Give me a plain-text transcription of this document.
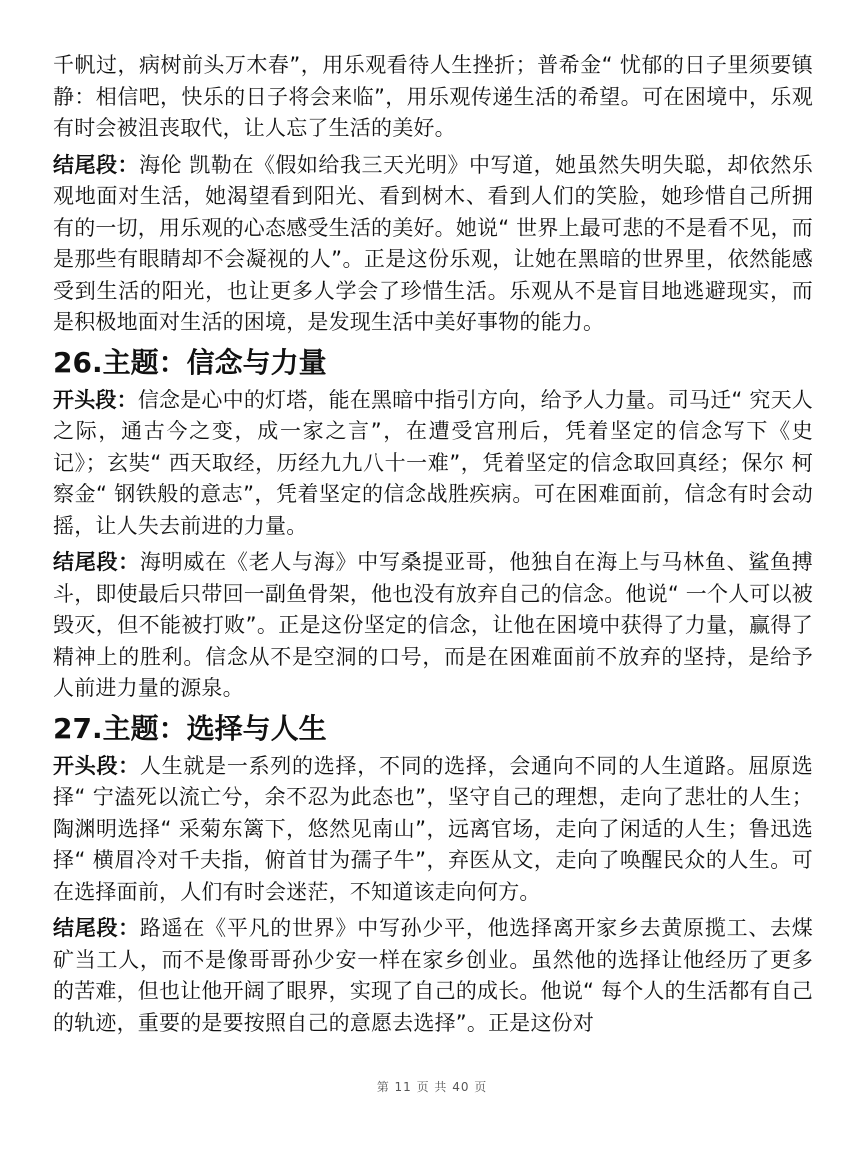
千帆过，病树前头万木春”，用乐观看待人生挫折；普希金“ 忧郁的日子里须要镇静：相信吧，快乐的日子将会来临”，用乐观传递生活的希望。可在困境中，乐观有时会被沮丧取代，让人忘了生活的美好。

结尾段：海伦 凯勒在《假如给我三天光明》中写道，她虽然失明失聪，却依然乐观地面对生活，她渴望看到阳光、看到树木、看到人们的笑脸，她珍惜自己所拥有的一切，用乐观的心态感受生活的美好。她说“ 世界上最可悲的不是看不见，而是那些有眼睛却不会凝视的人”。正是这份乐观，让她在黑暗的世界里，依然能感受到生活的阳光，也让更多人学会了珍惜生活。乐观从不是盲目地逃避现实，而是积极地面对生活的困境，是发现生活中美好事物的能力。

26.主题：信念与力量

开头段：信念是心中的灯塔，能在黑暗中指引方向，给予人力量。司马迁“ 究天人之际，通古今之变，成一家之言”，在遭受宫刑后，凭着坚定的信念写下《史记》；玄奘“ 西天取经，历经九九八十一难”，凭着坚定的信念取回真经；保尔 柯察金“ 钢铁般的意志”，凭着坚定的信念战胜疾病。可在困难面前，信念有时会动摇，让人失去前进的力量。

结尾段：海明威在《老人与海》中写桑提亚哥，他独自在海上与马林鱼、鲨鱼搏斗，即使最后只带回一副鱼骨架，他也没有放弃自己的信念。他说“ 一个人可以被毁灭，但不能被打败”。正是这份坚定的信念，让他在困境中获得了力量，赢得了精神上的胜利。信念从不是空洞的口号，而是在困难面前不放弃的坚持，是给予人前进力量的源泉。

27.主题：选择与人生

开头段：人生就是一系列的选择，不同的选择，会通向不同的人生道路。屈原选择“ 宁溘死以流亡兮，余不忍为此态也”，坚守自己的理想，走向了悲壮的人生；陶渊明选择“ 采菊东篱下，悠然见南山”，远离官场，走向了闲适的人生；鲁迅选择“ 横眉冷对千夫指，俯首甘为孺子牛”，弃医从文，走向了唤醒民众的人生。可在选择面前，人们有时会迷茫，不知道该走向何方。

结尾段：路遥在《平凡的世界》中写孙少平，他选择离开家乡去黄原揽工、去煤矿当工人，而不是像哥哥孙少安一样在家乡创业。虽然他的选择让他经历了更多的苦难，但也让他开阔了眼界，实现了自己的成长。他说“ 每个人的生活都有自己的轨迹，重要的是要按照自己的意愿去选择”。正是这份对

第 11 页 共 40 页
